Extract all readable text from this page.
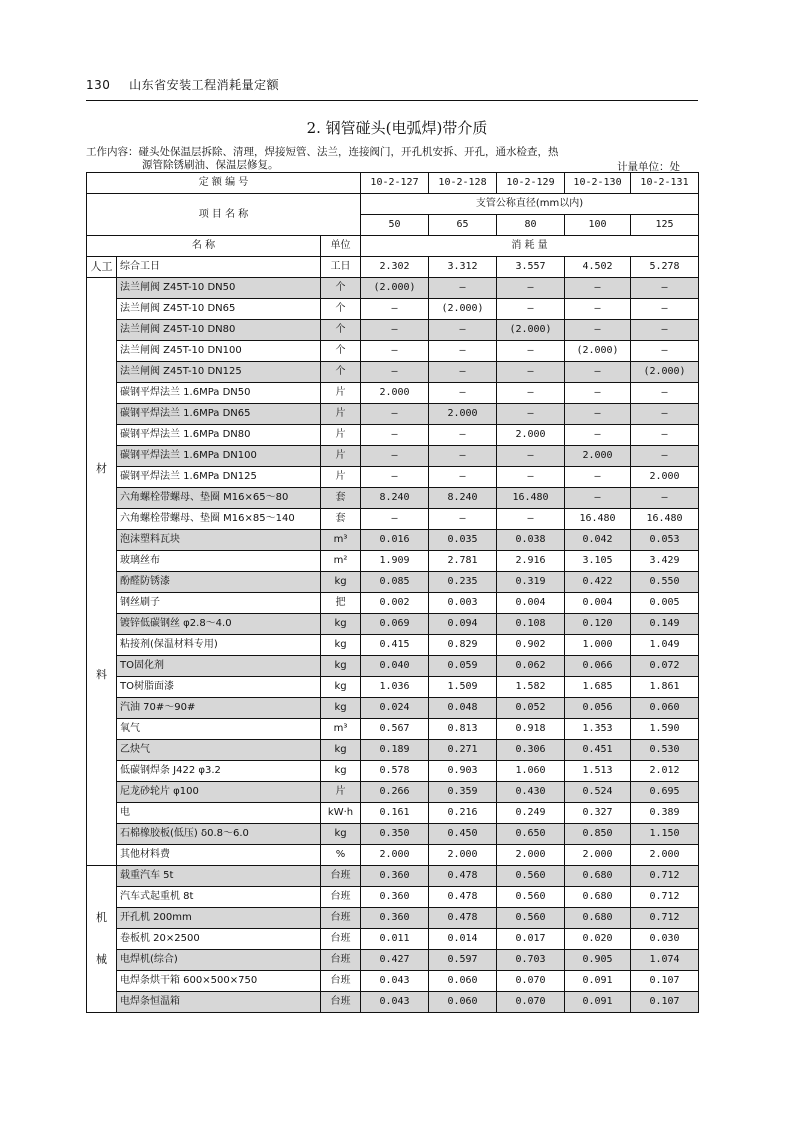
130 山东省安装工程消耗量定额
2. 钢管碰头(电弧焊)带介质
工作内容：碰头处保温层拆除、清理，焊接短管、法兰，连接阀门，开孔机安拆、开孔，通水检查，热
源管除锈刷油、保温层修复。	计量单位：处
定 额 编 号			10-2-127	10-2-128	10-2-129	10-2-130	10-2-131
项 目 名 称			支管公称直径(mm以内)				
			50	65	80	100	125
名 称		单位	消 耗 量				
人工	综合工日	工日	2.302	3.312	3.557	4.502	5.278

材
料	法兰闸阀 Z45T-10 DN50	个	(2.000)	—	—	—	—
	法兰闸阀 Z45T-10 DN65	个	—	(2.000)	—	—	—
	法兰闸阀 Z45T-10 DN80	个	—	—	(2.000)	—	—
	法兰闸阀 Z45T-10 DN100	个	—	—	—	(2.000)	—
	法兰闸阀 Z45T-10 DN125	个	—	—	—	—	(2.000)
	碳钢平焊法兰 1.6MPa DN50	片	2.000	—	—	—	—
	碳钢平焊法兰 1.6MPa DN65	片	—	2.000	—	—	—
	碳钢平焊法兰 1.6MPa DN80	片	—	—	2.000	—	—
	碳钢平焊法兰 1.6MPa DN100	片	—	—	—	2.000	—
	碳钢平焊法兰 1.6MPa DN125	片	—	—	—	—	2.000
	六角螺栓带螺母、垫圈 M16×65～80	套	8.240	8.240	16.480	—	—
	六角螺栓带螺母、垫圈 M16×85～140	套	—	—	—	16.480	16.480
	泡沫塑料瓦块	m³	0.016	0.035	0.038	0.042	0.053
	玻璃丝布	m²	1.909	2.781	2.916	3.105	3.429
	酚醛防锈漆	kg	0.085	0.235	0.319	0.422	0.550
	钢丝刷子	把	0.002	0.003	0.004	0.004	0.005
	镀锌低碳钢丝 φ2.8～4.0	kg	0.069	0.094	0.108	0.120	0.149
	粘接剂(保温材料专用)	kg	0.415	0.829	0.902	1.000	1.049
	TO固化剂	kg	0.040	0.059	0.062	0.066	0.072
	TO树脂面漆	kg	1.036	1.509	1.582	1.685	1.861
	汽油 70#～90#	kg	0.024	0.048	0.052	0.056	0.060
	氧气	m³	0.567	0.813	0.918	1.353	1.590
	乙炔气	kg	0.189	0.271	0.306	0.451	0.530
	低碳钢焊条 J422 φ3.2	kg	0.578	0.903	1.060	1.513	2.012
	尼龙砂轮片 φ100	片	0.266	0.359	0.430	0.524	0.695
	电	kW·h	0.161	0.216	0.249	0.327	0.389
	石棉橡胶板(低压) δ0.8～6.0	kg	0.350	0.450	0.650	0.850	1.150
	其他材料费	%	2.000	2.000	2.000	2.000	2.000

机
械	载重汽车 5t	台班	0.360	0.478	0.560	0.680	0.712
	汽车式起重机 8t	台班	0.360	0.478	0.560	0.680	0.712
	开孔机 200mm	台班	0.360	0.478	0.560	0.680	0.712
	卷板机 20×2500	台班	0.011	0.014	0.017	0.020	0.030
	电焊机(综合)	台班	0.427	0.597	0.703	0.905	1.074
	电焊条烘干箱 600×500×750	台班	0.043	0.060	0.070	0.091	0.107
	电焊条恒温箱	台班	0.043	0.060	0.070	0.091	0.107
